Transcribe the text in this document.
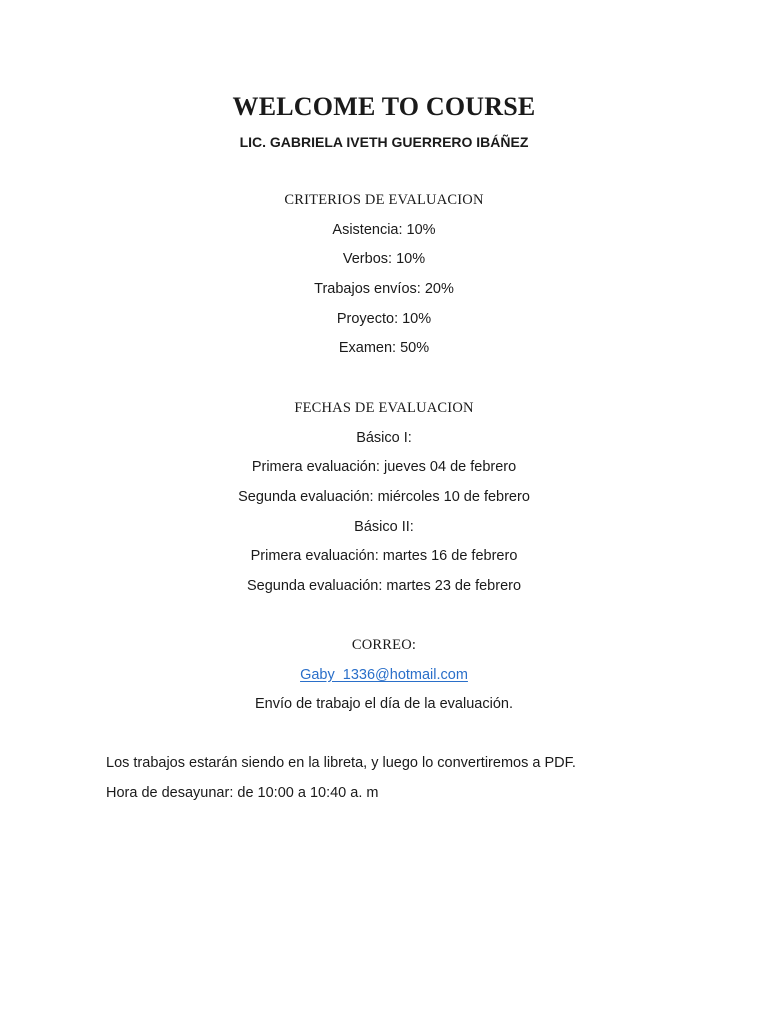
WELCOME TO COURSE
LIC. GABRIELA IVETH GUERRERO IBÁÑEZ
CRITERIOS DE EVALUACION
Asistencia: 10%
Verbos: 10%
Trabajos envíos: 20%
Proyecto: 10%
Examen: 50%
FECHAS DE EVALUACION
Básico I:
Primera evaluación: jueves 04 de febrero
Segunda evaluación: miércoles 10 de febrero
Básico II:
Primera evaluación: martes 16 de febrero
Segunda evaluación: martes 23 de febrero
CORREO:
Gaby_1336@hotmail.com
Envío de trabajo el día de la evaluación.
Los trabajos estarán siendo en la libreta, y luego lo convertiremos a PDF.
Hora de desayunar: de 10:00 a 10:40 a. m
